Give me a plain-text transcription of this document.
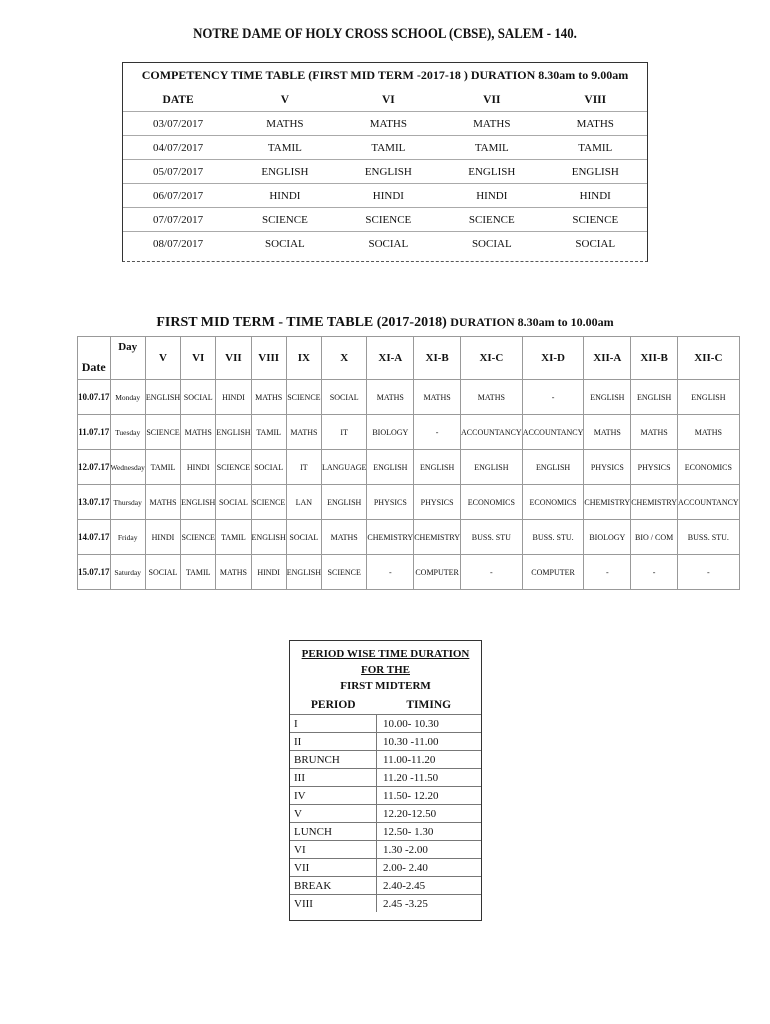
NOTRE DAME OF HOLY CROSS SCHOOL (CBSE), SALEM - 140.
COMPETENCY TIME TABLE (FIRST MID TERM -2017-18 ) DURATION 8.30am to 9.00am
DATE	V	VI	VII	VIII
03/07/2017	MATHS	MATHS	MATHS	MATHS
04/07/2017	TAMIL	TAMIL	TAMIL	TAMIL
05/07/2017	ENGLISH	ENGLISH	ENGLISH	ENGLISH
06/07/2017	HINDI	HINDI	HINDI	HINDI
07/07/2017	SCIENCE	SCIENCE	SCIENCE	SCIENCE
08/07/2017	SOCIAL	SOCIAL	SOCIAL	SOCIAL
FIRST MID TERM - TIME TABLE (2017-2018) DURATION 8.30am to 10.00am
Date	Day	V	VI	VII	VIII	IX	X	XI-A	XI-B	XI-C	XI-D	XII-A	XII-B	XII-C
10.07.17	Monday	ENGLISH	SOCIAL	HINDI	MATHS	SCIENCE	SOCIAL	MATHS	MATHS	MATHS	-	ENGLISH	ENGLISH	ENGLISH
11.07.17	Tuesday	SCIENCE	MATHS	ENGLISH	TAMIL	MATHS	IT	BIOLOGY	-	ACCOUNTANCY	ACCOUNTANCY	MATHS	MATHS	MATHS
12.07.17	Wednesday	TAMIL	HINDI	SCIENCE	SOCIAL	IT	LANGUAGE	ENGLISH	ENGLISH	ENGLISH	ENGLISH	PHYSICS	PHYSICS	ECONOMICS
13.07.17	Thursday	MATHS	ENGLISH	SOCIAL	SCIENCE	LAN	ENGLISH	PHYSICS	PHYSICS	ECONOMICS	ECONOMICS	CHEMISTRY	CHEMISTRY	ACCOUNTANCY
14.07.17	Friday	HINDI	SCIENCE	TAMIL	ENGLISH	SOCIAL	MATHS	CHEMISTRY	CHEMISTRY	BUSS. STU	BUSS. STU.	BIOLOGY	BIO / COM	BUSS. STU.
15.07.17	Saturday	SOCIAL	TAMIL	MATHS	HINDI	ENGLISH	SCIENCE	-	COMPUTER	-	COMPUTER	-	-	-
PERIOD WISE TIME DURATION FOR THE
FIRST MIDTERM
PERIOD	TIMING
I	10.00- 10.30
II	10.30 -11.00
BRUNCH	11.00-11.20
III	11.20 -11.50
IV	11.50- 12.20
V	12.20-12.50
LUNCH	12.50- 1.30
VI	1.30 -2.00
VII	2.00- 2.40
BREAK	2.40-2.45
VIII	2.45 -3.25
